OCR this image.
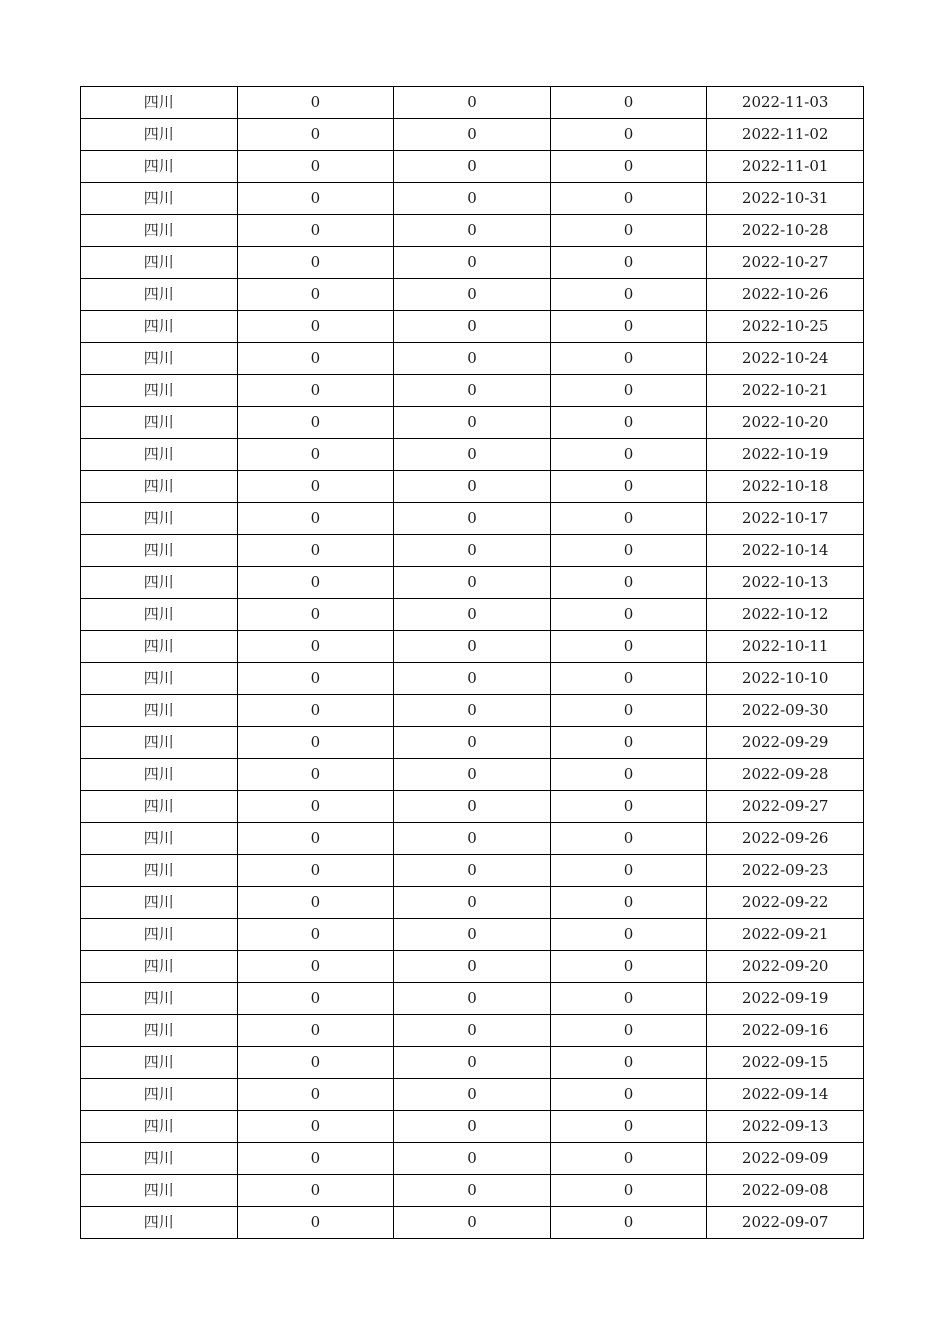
四川	0	0	0	2022-11-03
四川	0	0	0	2022-11-02
四川	0	0	0	2022-11-01
四川	0	0	0	2022-10-31
四川	0	0	0	2022-10-28
四川	0	0	0	2022-10-27
四川	0	0	0	2022-10-26
四川	0	0	0	2022-10-25
四川	0	0	0	2022-10-24
四川	0	0	0	2022-10-21
四川	0	0	0	2022-10-20
四川	0	0	0	2022-10-19
四川	0	0	0	2022-10-18
四川	0	0	0	2022-10-17
四川	0	0	0	2022-10-14
四川	0	0	0	2022-10-13
四川	0	0	0	2022-10-12
四川	0	0	0	2022-10-11
四川	0	0	0	2022-10-10
四川	0	0	0	2022-09-30
四川	0	0	0	2022-09-29
四川	0	0	0	2022-09-28
四川	0	0	0	2022-09-27
四川	0	0	0	2022-09-26
四川	0	0	0	2022-09-23
四川	0	0	0	2022-09-22
四川	0	0	0	2022-09-21
四川	0	0	0	2022-09-20
四川	0	0	0	2022-09-19
四川	0	0	0	2022-09-16
四川	0	0	0	2022-09-15
四川	0	0	0	2022-09-14
四川	0	0	0	2022-09-13
四川	0	0	0	2022-09-09
四川	0	0	0	2022-09-08
四川	0	0	0	2022-09-07
